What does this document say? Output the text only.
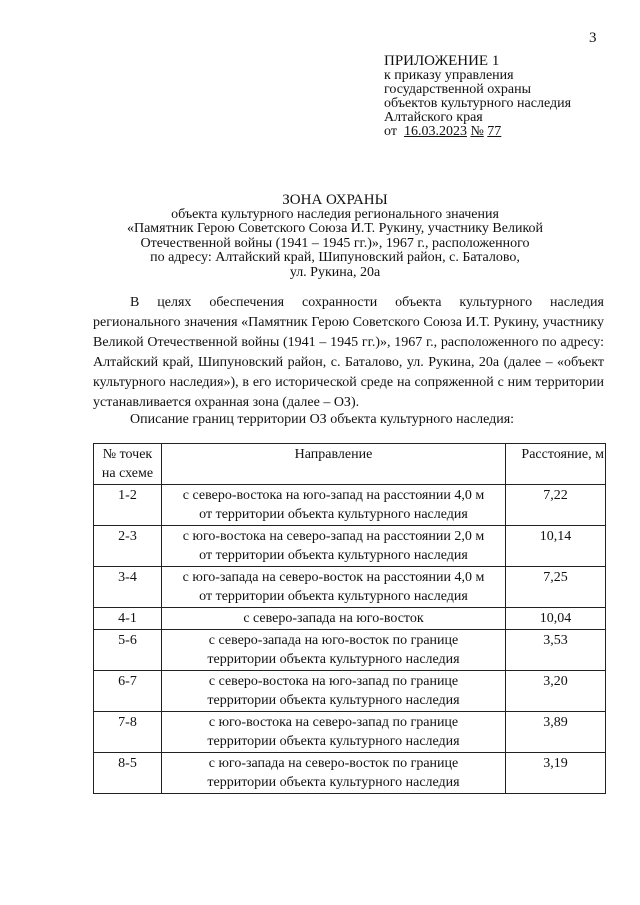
3
ПРИЛОЖЕНИЕ 1
к приказу управления
государственной охраны
объектов культурного наследия
Алтайского края
от 16.03.2023 № 77
ЗОНА ОХРАНЫ
объекта культурного наследия регионального значения
«Памятник Герою Советского Союза И.Т. Рукину, участнику Великой
Отечественной войны (1941 – 1945 гг.)», 1967 г., расположенного
по адресу: Алтайский край, Шипуновский район, с. Баталово,
ул. Рукина, 20а
В целях обеспечения сохранности объекта культурного наследия регионального значения «Памятник Герою Советского Союза И.Т. Рукину, участнику Великой Отечественной войны (1941 – 1945 гг.)», 1967 г., расположенного по адресу: Алтайский край, Шипуновский район, с. Баталово, ул. Рукина, 20а (далее – «объект культурного наследия»), в его исторической среде на сопряженной с ним территории устанавливается охранная зона (далее – ОЗ).
Описание границ территории ОЗ объекта культурного наследия:
№ точек
на схеме	Направление	Расстояние, м
1-2	с северо-востока на юго-запад на расстоянии 4,0 м
от территории объекта культурного наследия	7,22
2-3	с юго-востока на северо-запад на расстоянии 2,0 м
от территории объекта культурного наследия	10,14
3-4	с юго-запада на северо-восток на расстоянии 4,0 м
от территории объекта культурного наследия	7,25
4-1	с северо-запада на юго-восток	10,04
5-6	с северо-запада на юго-восток по границе
территории объекта культурного наследия	3,53
6-7	с северо-востока на юго-запад по границе
территории объекта культурного наследия	3,20
7-8	с юго-востока на северо-запад по границе
территории объекта культурного наследия	3,89
8-5	с юго-запада на северо-восток по границе
территории объекта культурного наследия	3,19
